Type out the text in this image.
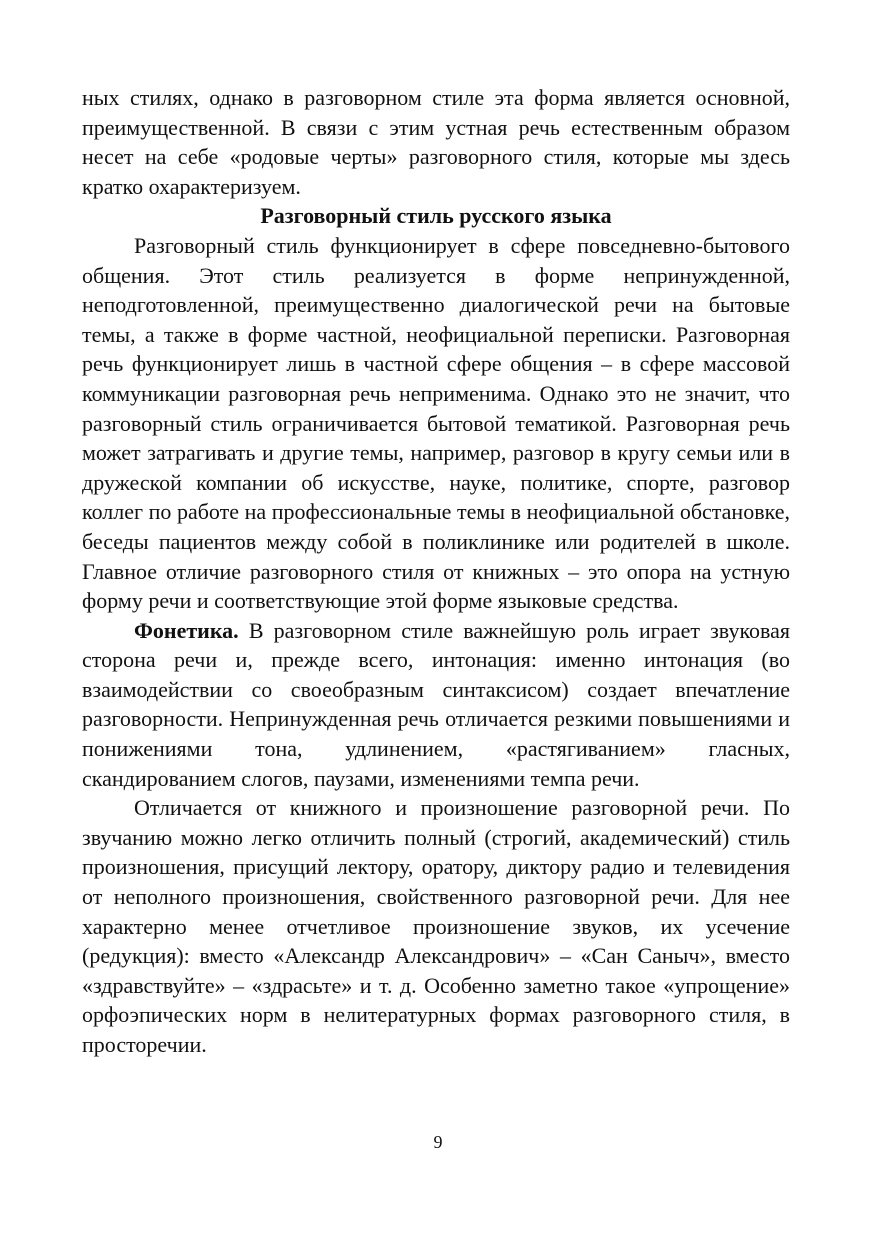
ных стилях, однако в разговорном стиле эта форма является основной, преимущественной. В связи с этим устная речь естественным образом несет на себе «родовые черты» разговорного стиля, которые мы здесь кратко охарактеризуем.

Разговорный стиль русского языка

Разговорный стиль функционирует в сфере повседневно-бытового общения. Этот стиль реализуется в форме непринужденной, неподготовленной, преимущественно диалогической речи на бытовые темы, а также в форме частной, неофициальной переписки. Разговорная речь функционирует лишь в частной сфере общения – в сфере массовой коммуникации разговорная речь неприменима. Однако это не значит, что разговорный стиль ограничивается бытовой тематикой. Разговорная речь может затрагивать и другие темы, например, разговор в кругу семьи или в дружеской компании об искусстве, науке, политике, спорте, разговор коллег по работе на профессиональные темы в неофициальной обстановке, беседы пациентов между собой в поликлинике или родителей в школе. Главное отличие разговорного стиля от книжных – это опора на устную форму речи и соответствующие этой форме языковые средства.

Фонетика. В разговорном стиле важнейшую роль играет звуковая сторона речи и, прежде всего, интонация: именно интонация (во взаимодействии со своеобразным синтаксисом) создает впечатление разговорности. Непринужденная речь отличается резкими повышениями и понижениями тона, удлинением, «растягиванием» гласных, скандированием слогов, паузами, изменениями темпа речи.

Отличается от книжного и произношение разговорной речи. По звучанию можно легко отличить полный (строгий, академический) стиль произношения, присущий лектору, оратору, диктору радио и телевидения от неполного произношения, свойственного разговорной речи. Для нее характерно менее отчетливое произношение звуков, их усечение (редукция): вместо «Александр Александрович» – «Сан Саныч», вместо «здравствуйте» – «здрасьте» и т. д. Особенно заметно такое «упрощение» орфоэпических норм в нелитературных формах разговорного стиля, в просторечии.

9
